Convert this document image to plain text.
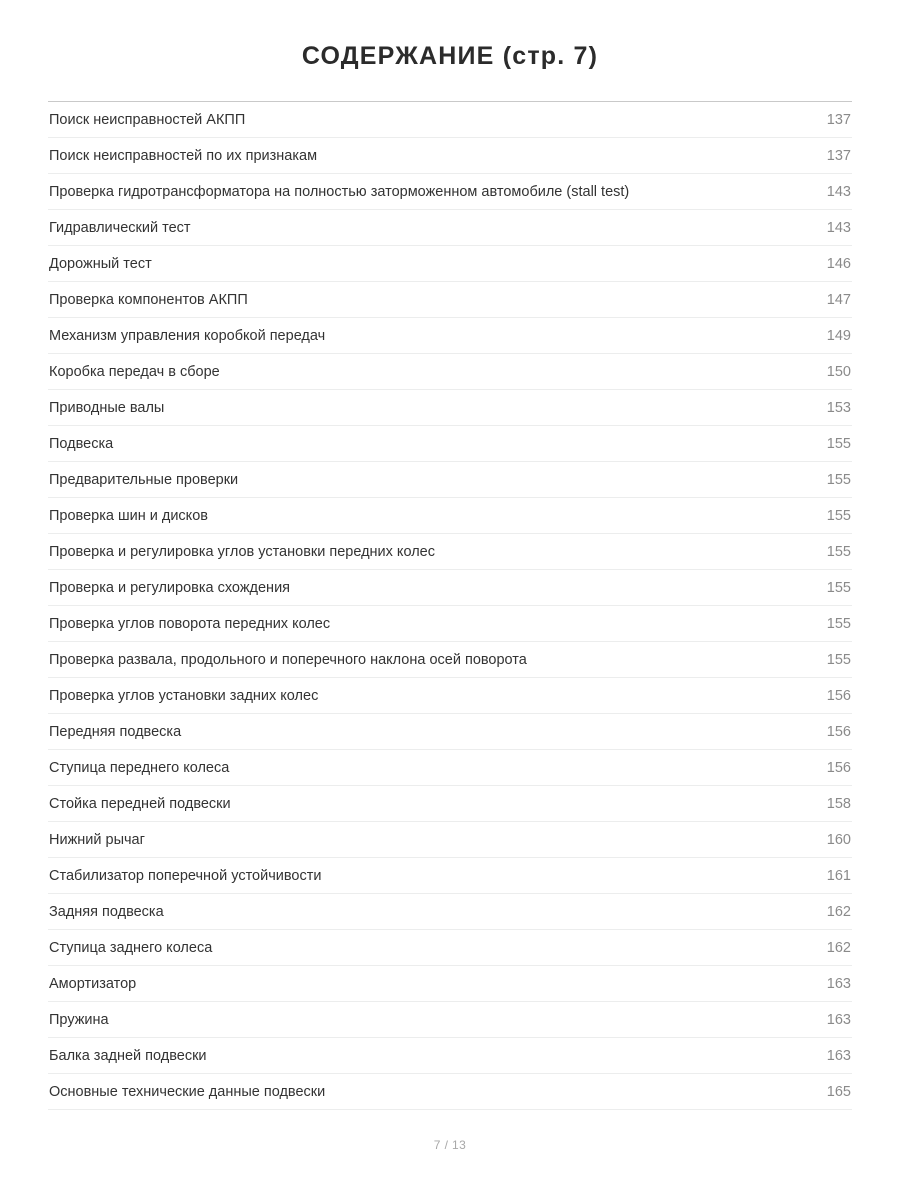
СОДЕРЖАНИЕ (стр. 7)
Поиск неисправностей АКПП	137
Поиск неисправностей по их признакам	137
Проверка гидротрансформатора на полностью заторможенном автомобиле (stall test)	143
Гидравлический тест	143
Дорожный тест	146
Проверка компонентов АКПП	147
Механизм управления коробкой передач	149
Коробка передач в сборе	150
Приводные валы	153
Подвеска	155
Предварительные проверки	155
Проверка шин и дисков	155
Проверка и регулировка углов установки передних колес	155
Проверка и регулировка схождения	155
Проверка углов поворота передних колес	155
Проверка развала, продольного и поперечного наклона осей поворота	155
Проверка углов установки задних колес	156
Передняя подвеска	156
Ступица переднего колеса	156
Стойка передней подвески	158
Нижний рычаг	160
Стабилизатор поперечной устойчивости	161
Задняя подвеска	162
Ступица заднего колеса	162
Амортизатор	163
Пружина	163
Балка задней подвески	163
Основные технические данные подвески	165
7 / 13
